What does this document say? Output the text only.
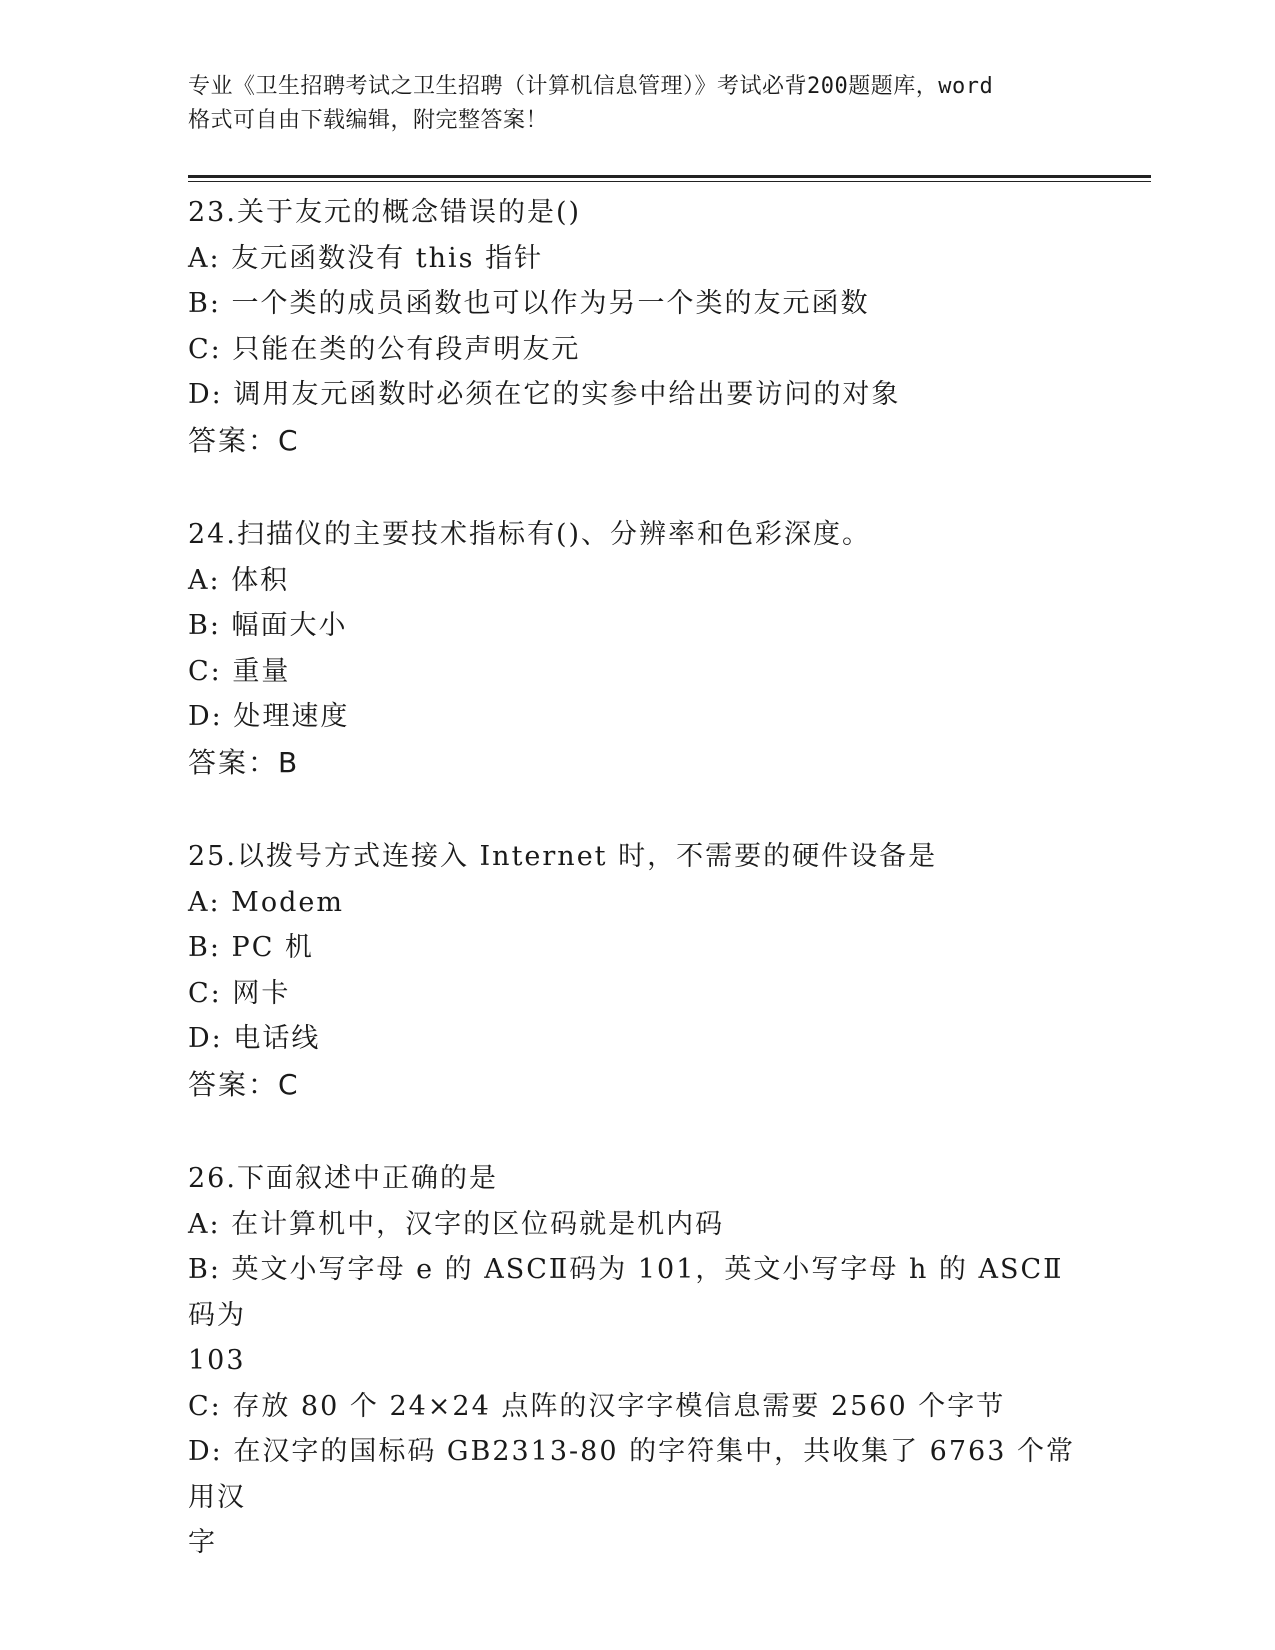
专业《卫生招聘考试之卫生招聘（计算机信息管理）》考试必背200题题库，word
格式可自由下载编辑，附完整答案！
23.关于友元的概念错误的是()
A: 友元函数没有 this 指针
B: 一个类的成员函数也可以作为另一个类的友元函数
C: 只能在类的公有段声明友元
D: 调用友元函数时必须在它的实参中给出要访问的对象
答案：C
24.扫描仪的主要技术指标有()、分辨率和色彩深度。
A: 体积
B: 幅面大小
C: 重量
D: 处理速度
答案：B
25.以拨号方式连接入 Internet 时，不需要的硬件设备是
A: Modem
B: PC 机
C: 网卡
D: 电话线
答案：C
26.下面叙述中正确的是
A: 在计算机中，汉字的区位码就是机内码
B: 英文小写字母 e 的 ASCⅡ码为 101，英文小写字母 h 的 ASCⅡ码为
103
C: 存放 80 个 24×24 点阵的汉字字模信息需要 2560 个字节
D: 在汉字的国标码 GB2313-80 的字符集中，共收集了 6763 个常用汉
字
